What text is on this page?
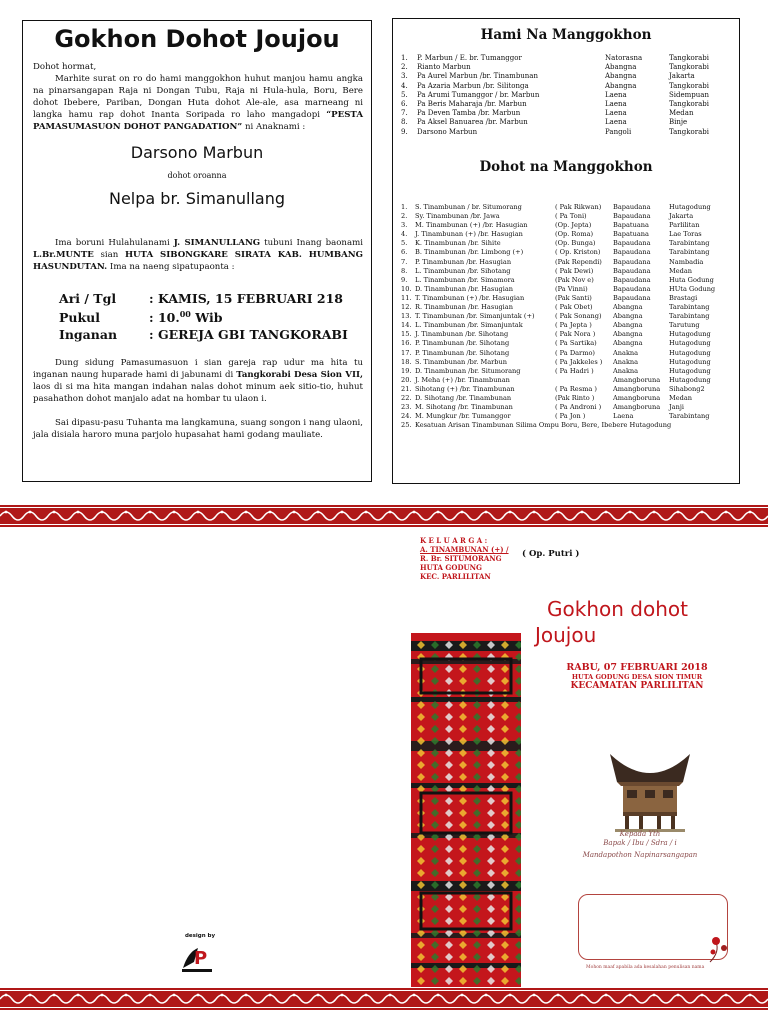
Gokhon Dohot Joujou
Dohot hormat,
Marhite surat on ro do hami manggokhon huhut manjou hamu angka na pinarsangapan Raja ni Dongan Tubu, Raja ni Hula-hula, Boru, Bere dohot Ibebere, Pariban, Dongan Huta dohot Ale-ale, asa marneang ni langka hamu rap dohot Inanta Soripada ro laho mangadopi “PESTA PAMASUMASUON DOHOT PANGADATION” ni Anaknami :
Darsono Marbun
dohot oroanna
Nelpa br. Simanullang
Ima boruni Hulahulanami J. SIMANULLANG tubuni Inang baonami L.Br.MUNTE sian HUTA SIBONGKARE SIRATA KAB. HUMBANG HASUNDUTAN. Ima na naeng sipatupaonta :
Ari / Tgl	: KAMIS, 15 FEBRUARI 218
Pukul	: 10.00 Wib
Inganan	: GEREJA GBI TANGKORABI
Dung sidung Pamasumasuon i sian gareja rap udur ma hita tu inganan naung huparade hami di jabunami di Tangkorabi Desa Sion VII, laos di si ma hita mangan indahan nalas dohot minum aek sitio-tio, huhut pasahathon dohot manjalo adat na hombar tu ulaon i.
Sai dipasu-pasu Tuhanta ma langkamuna, suang songon i nang ulaoni, jala disiala haroro muna parjolo hupasahat hami godang mauliate.
Hami Na Manggokhon
1.	P. Marbun / E. br. Tumanggor	Natorasna	Tangkorabi
2.	Rianto Marbun	Abangna	Tangkorabi
3.	Pa Aurel Marbun /br. Tinambunan	Abangna	Jakarta
4.	Pa Azaria Marbun /br. Silitonga	Abangna	Tangkorabi
5.	Pa Arumi Tumanggor / br. Marbun	Laena	Sidempuan
6.	Pa Beris Maharaja /br. Marbun	Laena	Tangkorabi
7.	Pa Deven Tamba /br. Marbun	Laena	Medan
8.	Pa Aksel Banuarea /br. Marbun	Laena	Binje
9.	Darsono Marbun	Pangoli	Tangkorabi
Dohot na Manggokhon
1.	S. Tinambunan / br. Situmorang	( Pak Rikwan)	Bapaudana	Hutagodung
2.	Sy. Tinambunan /br. Jawa	( Pa Toni)	Bapaudana	Jakarta
3.	M. Tinambunan (+) /br. Hasugian	(Op. Jepta)	Bapatuana	Parlilitan
4.	J. Tinambunan (+) /br. Hasugian	(Op. Roma)	Bapatuana	Lae Toras
5.	K. Tinambunan /br. Sihite	(Op. Bunga)	Bapaudana	Tarabintang
6.	B. Tinambunan /br. Limbong (+)	( Op. Kriston)	Bapaudana	Tarabintang
7.	P. Tinambunan /br. Hasugian	(Pak Rependi)	Bapaudana	Nambadia
8.	L. Tinambunan /br. Sihotang	( Pak Dewi)	Bapaudana	Medan
9.	L. Tinambunan /br. Simamora	(Pak Nov e)	Bapaudana	Huta Godung
10.	D. Tinambunan /br. Hasugian	(Pa Vinni)	Bapaudana	HUta Godung
11.	T. Tinambunan (+) /br. Hasugian	(Pak Santi)	Bapaudana	Brastagi
12.	R. Tinambunan /br. Hasugian	( Pak Obet)	Abangna	Tarabintang
13.	T. Tinambunan /br. Simanjuntak (+)	( Pak Sonang)	Abangna	Tarabintang
14.	L. Tinambunan /br. Simanjuntak	( Pa Jepta )	Abangna	Tarutung
15.	J. Tinambunan /br. Sihotang	( Pak Nora )	Abangna	Hutagodung
16.	P. Tinambunan /br. Sihotang	( Pa Sartika)	Abangna	Hutagodung
17.	P. Tinambunan /br. Sihotang	( Pa Darmo)	Anakna	Hutagodung
18.	S. Tinambunan /br. Marbun	( Pa Jakkeles )	Anakna	Hutagodung
19.	D. Tinambunan /br. Situmorang	( Pa Hadri )	Anakna	Hutagodung
20.	J. Meha (+) /br. Tinambunan		Amangboruna	Hutagodung
21.	Sihotang (+) /br. Tinambunan	( Pa Resma )	Amangboruna	Sihabong2
22.	D. Sihotang /br. Tinambunan	(Pak Rinto )	Amangboruna	Medan
23.	M. Sihotang /br. Tinambunan	( Pa Androni )	Amangboruna	Janji
24.	M. Mungkur /br. Tumanggor	( Pa Jon )	Laena	Tarabintang
25.	Kesatuan Arisan Tinambunan Silima Ompu Boru, Bere, Ibebere Hutagodung			
K E L U A R G A :
A. TINAMBUNAN (+) /
R. Br. SITUMORANG
HUTA GODUNG
KEC. PARLILITAN
( Op. Putri )
Gokhon dohot
Joujou
RABU, 07 FEBRUARI 2018
HUTA GODUNG DESA SION TIMUR
KECAMATAN PARLILITAN
Kepada Yth
Bapak / Ibu / Sdra / i
Mandapothon Napinarsangapan
Mohon maaf apabila ada kesalahan penulisan nama
design by
P
